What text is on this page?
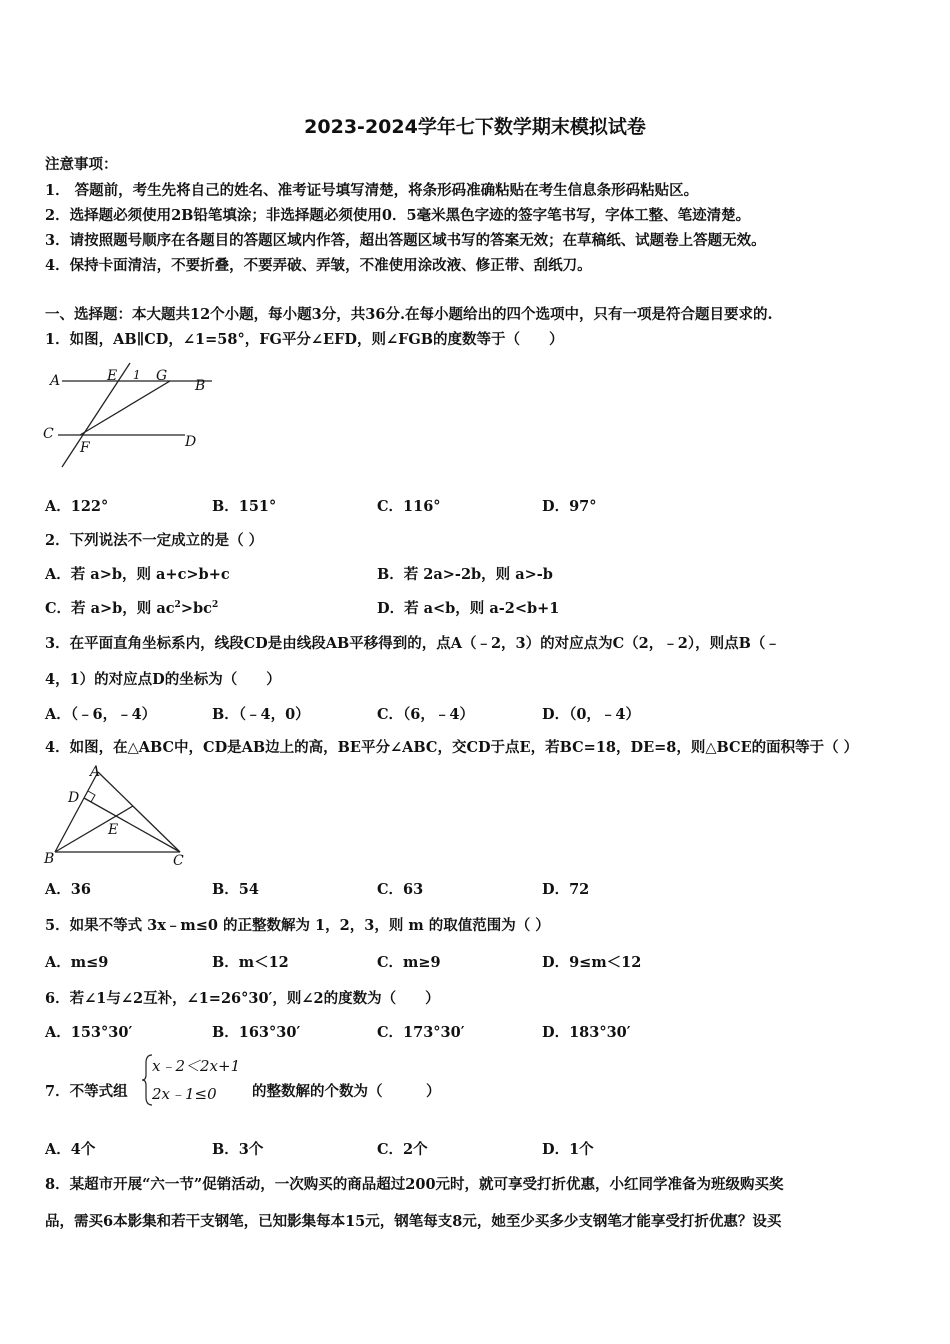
2023-2024学年七下数学期末模拟试卷
注意事项：
1． 答题前，考生先将自己的姓名、准考证号填写清楚，将条形码准确粘贴在考生信息条形码粘贴区。
2．选择题必须使用2B铅笔填涂；非选择题必须使用0．5毫米黑色字迹的签字笔书写，字体工整、笔迹清楚。
3．请按照题号顺序在各题目的答题区域内作答，超出答题区域书写的答案无效；在草稿纸、试题卷上答题无效。
4．保持卡面清洁，不要折叠，不要弄破、弄皱，不准使用涂改液、修正带、刮纸刀。
一、选择题：本大题共12个小题，每小题3分，共36分.在每小题给出的四个选项中，只有一项是符合题目要求的.
1．如图，AB∥CD，∠1=58°，FG平分∠EFD，则∠FGB的度数等于（　　）
A	E 1 G
B
C
F	D
A．122°	B．151°	C．116°	D．97°
2．下列说法不一定成立的是（ ）
A．若 a>b，则 a+c>b+c	B．若 2a>-2b，则 a>-b
C．若 a>b，则 $ac^2>bc^2$	D．若 a<b，则 a-2<b+1
3．在平面直角坐标系内，线段CD是由线段AB平移得到的，点A（﹣2，3）的对应点为C（2，﹣2），则点B（﹣
4，1）的对应点D的坐标为（　　）
A．（﹣6，﹣4）	B．（﹣4，0）	C．（6，﹣4）	D．（0，﹣4）
4．如图，在△ABC中，CD是AB边上的高，BE平分∠ABC，交CD于点E，若BC=18，DE=8，则△BCE的面积等于（ ）
A
D
E
B	C
A．36	B．54	C．63	D．72
5．如果不等式 3x﹣m≤0 的正整数解为 1，2，3，则 m 的取值范围为（ ）
A．m≤9	B．m＜12	C．m≥9	D．9≤m＜12
6．若∠1与∠2互补，∠1=26°30′，则∠2的度数为（　　）
A．153°30′	B．163°30′	C．173°30′	D．183°30′
7．不等式组
x﹣2＜2x+1
2x﹣1≤0 的整数解的个数为（　　　）
A．4个	B．3个	C．2个	D．1个
8．某超市开展“六一节”促销活动，一次购买的商品超过200元时，就可享受打折优惠，小红同学准备为班级购买奖
品，需买6本影集和若干支钢笔，已知影集每本15元，钢笔每支8元，她至少买多少支钢笔才能享受打折优惠？设买
